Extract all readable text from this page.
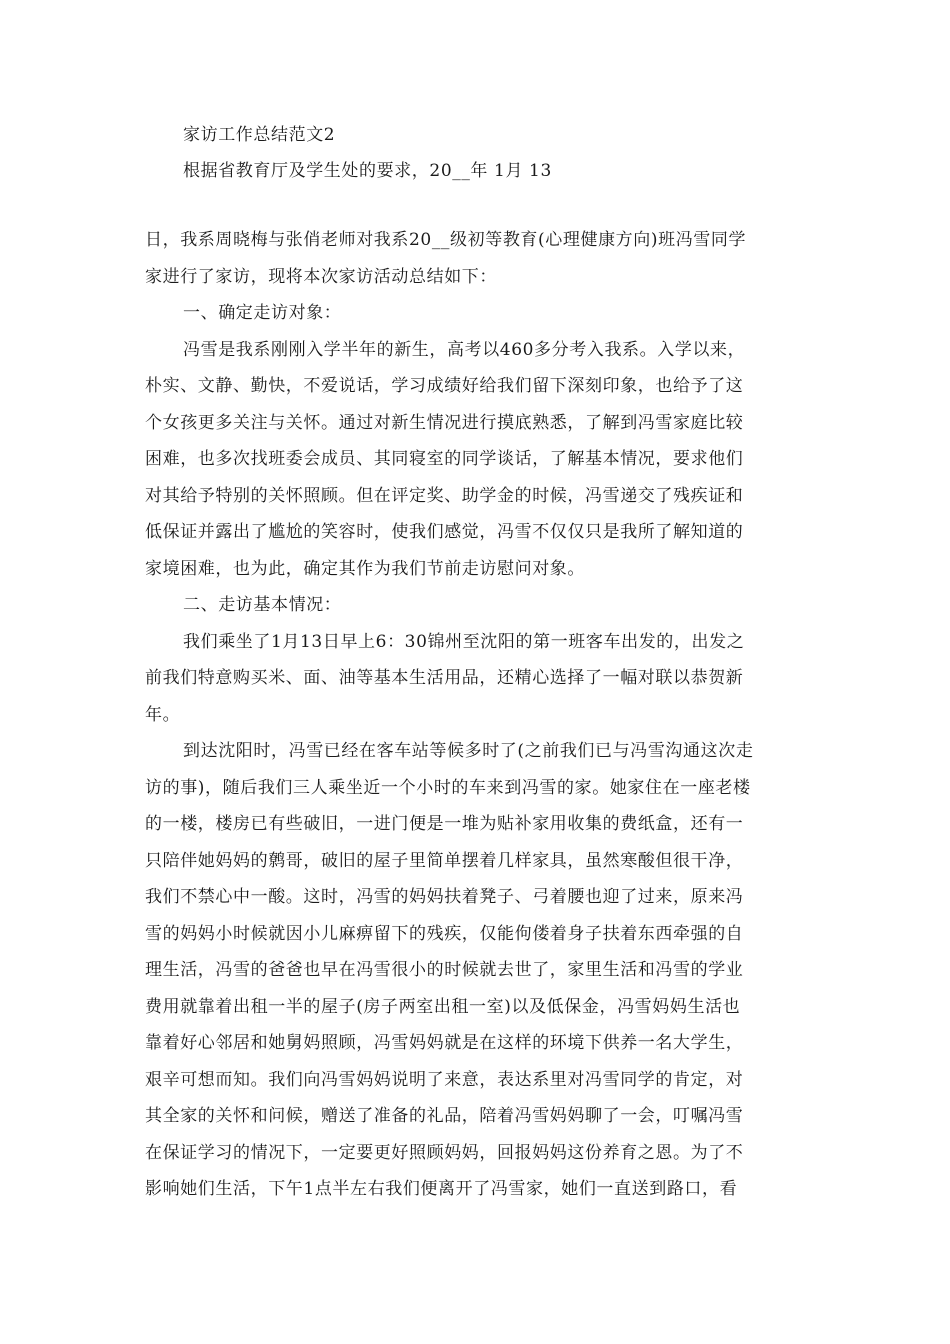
家访工作总结范文2
根据省教育厅及学生处的要求，20__年 1月 13
日，我系周晓梅与张俏老师对我系20__级初等教育(心理健康方向)班冯雪同学
家进行了家访，现将本次家访活动总结如下：
一、确定走访对象：
冯雪是我系刚刚入学半年的新生，高考以460多分考入我系。入学以来，
朴实、文静、勤快，不爱说话，学习成绩好给我们留下深刻印象，也给予了这
个女孩更多关注与关怀。通过对新生情况进行摸底熟悉，了解到冯雪家庭比较
困难，也多次找班委会成员、其同寝室的同学谈话，了解基本情况，要求他们
对其给予特别的关怀照顾。但在评定奖、助学金的时候，冯雪递交了残疾证和
低保证并露出了尴尬的笑容时，使我们感觉，冯雪不仅仅只是我所了解知道的
家境困难，也为此，确定其作为我们节前走访慰问对象。
二、走访基本情况：
我们乘坐了1月13日早上6：30锦州至沈阳的第一班客车出发的，出发之
前我们特意购买米、面、油等基本生活用品，还精心选择了一幅对联以恭贺新
年。
到达沈阳时，冯雪已经在客车站等候多时了(之前我们已与冯雪沟通这次走
访的事)，随后我们三人乘坐近一个小时的车来到冯雪的家。她家住在一座老楼
的一楼，楼房已有些破旧，一进门便是一堆为贴补家用收集的费纸盒，还有一
只陪伴她妈妈的鹩哥，破旧的屋子里简单摆着几样家具，虽然寒酸但很干净，
我们不禁心中一酸。这时，冯雪的妈妈扶着凳子、弓着腰也迎了过来，原来冯
雪的妈妈小时候就因小儿麻痹留下的残疾，仅能佝偻着身子扶着东西牵强的自
理生活，冯雪的爸爸也早在冯雪很小的时候就去世了，家里生活和冯雪的学业
费用就靠着出租一半的屋子(房子两室出租一室)以及低保金，冯雪妈妈生活也
靠着好心邻居和她舅妈照顾，冯雪妈妈就是在这样的环境下供养一名大学生，
艰辛可想而知。我们向冯雪妈妈说明了来意，表达系里对冯雪同学的肯定，对
其全家的关怀和问候，赠送了准备的礼品，陪着冯雪妈妈聊了一会，叮嘱冯雪
在保证学习的情况下，一定要更好照顾妈妈，回报妈妈这份养育之恩。为了不
影响她们生活，下午1点半左右我们便离开了冯雪家，她们一直送到路口，看
